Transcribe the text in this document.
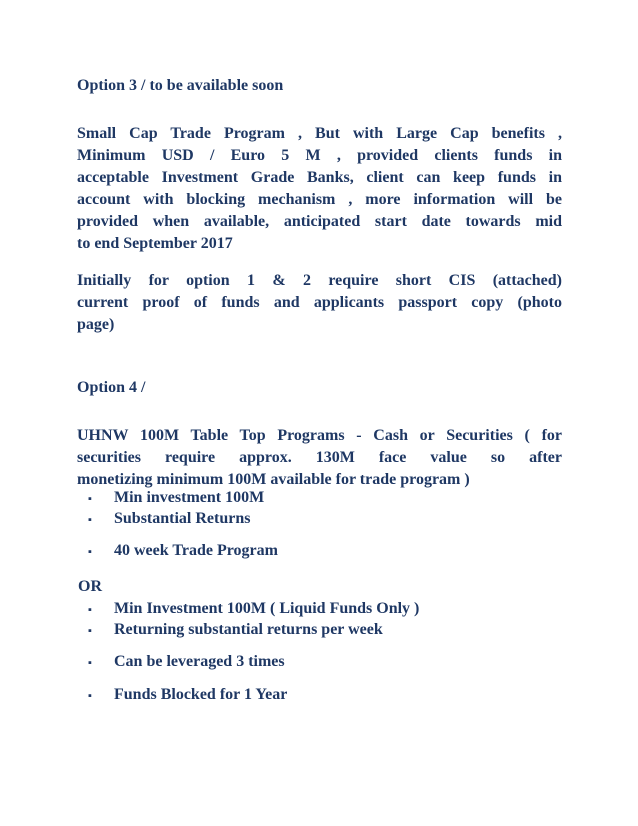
Option 3 / to be available soon

Small Cap Trade Program , But with Large Cap benefits ,
Minimum USD / Euro 5 M , provided clients funds in
acceptable Investment Grade Banks, client can keep funds in
account with blocking mechanism , more information will be
provided when available, anticipated start date towards mid
to end September 2017
Initially for option 1 & 2 require short CIS (attached)
current proof of funds and applicants passport copy (photo
page)

Option 4 /

UHNW 100M Table Top Programs - Cash or Securities ( for
securities require approx. 130M face value so after
monetizing minimum 100M available for trade program )
▪	Min investment 100M
▪	Substantial Returns
▪	40 week Trade Program

OR

▪	Min Investment 100M ( Liquid Funds Only )
▪	Returning substantial returns per week
▪	Can be leveraged 3 times
▪	Funds Blocked for 1 Year
